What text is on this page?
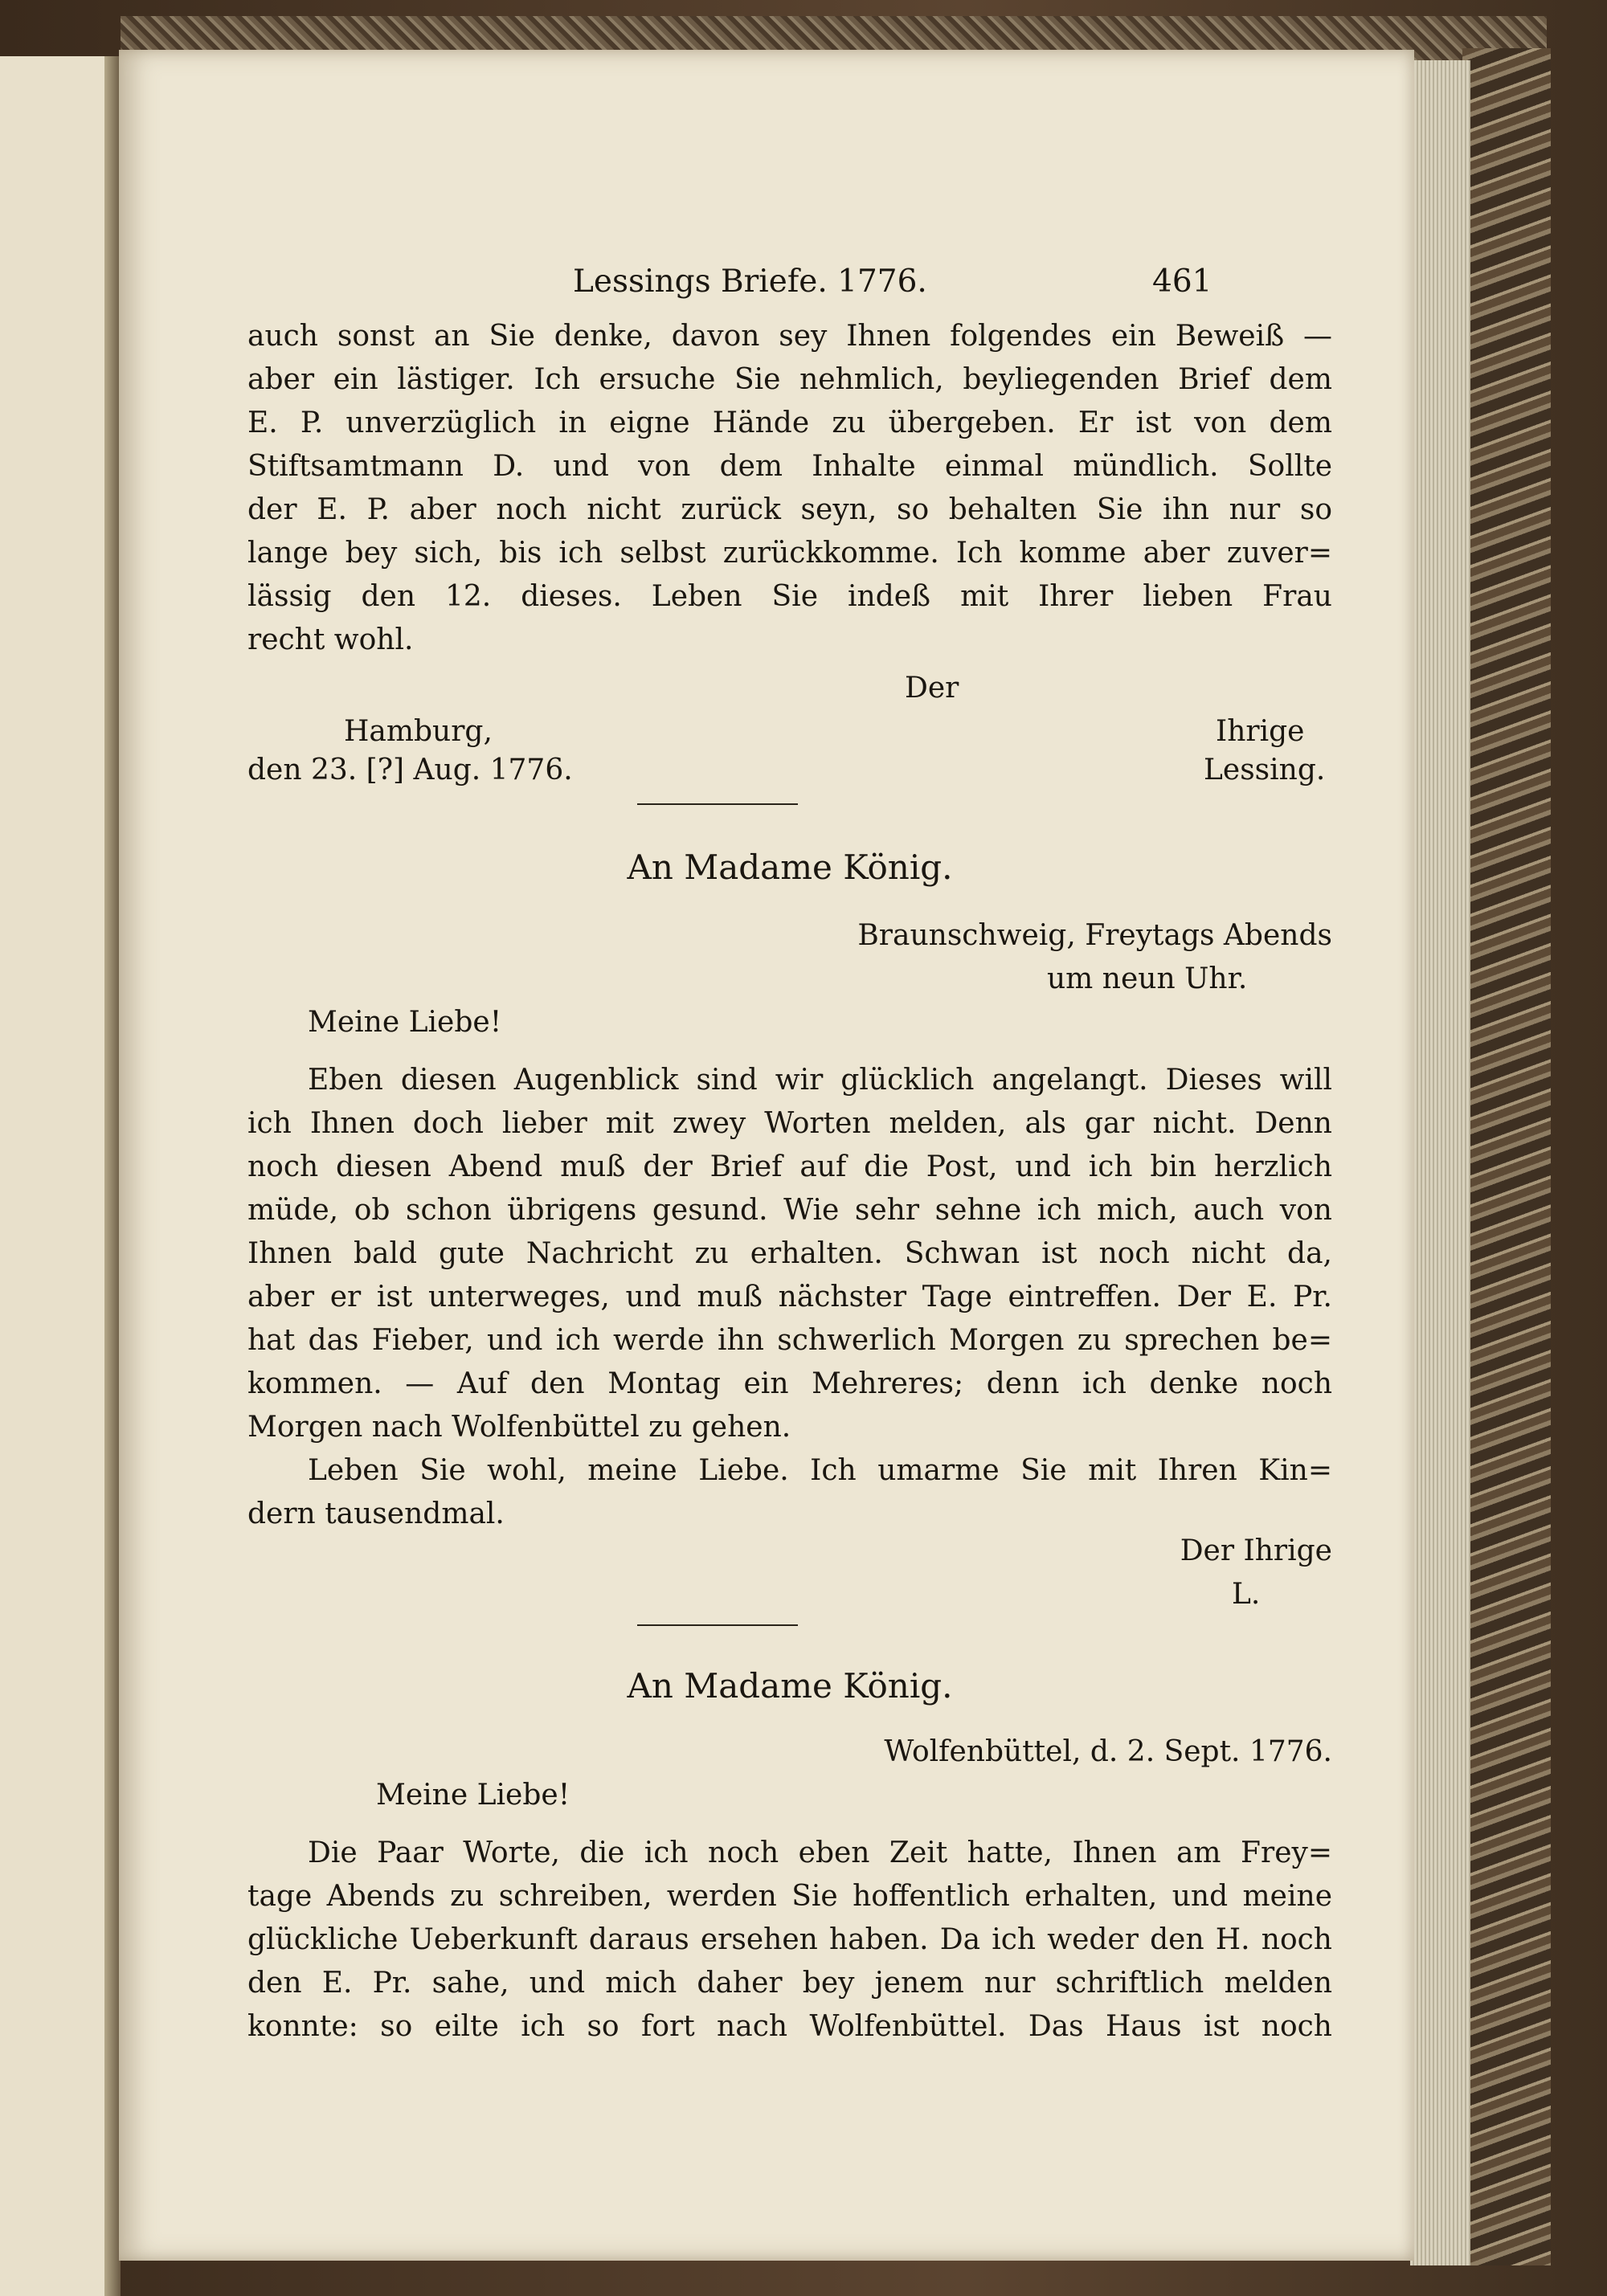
Lessings Briefe. 1776.	461
auch sonst an Sie denke, davon sey Ihnen folgendes ein Beweiß —
aber ein lästiger. Ich ersuche Sie nehmlich, beyliegenden Brief dem
E. P. unverzüglich in eigne Hände zu übergeben. Er ist von dem
Stiftsamtmann D. und von dem Inhalte einmal mündlich. Sollte
der E. P. aber noch nicht zurück seyn, so behalten Sie ihn nur so
lange bey sich, bis ich selbst zurückkomme. Ich komme aber zuver=
lässig den 12. dieses. Leben Sie indeß mit Ihrer lieben Frau
recht wohl.
Der
Hamburg,	Ihrige
den 23. [?] Aug. 1776.	Lessing.
An Madame König.
Braunschweig, Freytags Abends
um neun Uhr.
Meine Liebe!
Eben diesen Augenblick sind wir glücklich angelangt. Dieses will
ich Ihnen doch lieber mit zwey Worten melden, als gar nicht. Denn
noch diesen Abend muß der Brief auf die Post, und ich bin herzlich
müde, ob schon übrigens gesund. Wie sehr sehne ich mich, auch von
Ihnen bald gute Nachricht zu erhalten. Schwan ist noch nicht da,
aber er ist unterweges, und muß nächster Tage eintreffen. Der E. Pr.
hat das Fieber, und ich werde ihn schwerlich Morgen zu sprechen be=
kommen. — Auf den Montag ein Mehreres; denn ich denke noch
Morgen nach Wolfenbüttel zu gehen.
Leben Sie wohl, meine Liebe. Ich umarme Sie mit Ihren Kin=
dern tausendmal.
Der Ihrige
L.
An Madame König.
Wolfenbüttel, d. 2. Sept. 1776.
Meine Liebe!
Die Paar Worte, die ich noch eben Zeit hatte, Ihnen am Frey=
tage Abends zu schreiben, werden Sie hoffentlich erhalten, und meine
glückliche Ueberkunft daraus ersehen haben. Da ich weder den H. noch
den E. Pr. sahe, und mich daher bey jenem nur schriftlich melden
konnte: so eilte ich so fort nach Wolfenbüttel. Das Haus ist noch
